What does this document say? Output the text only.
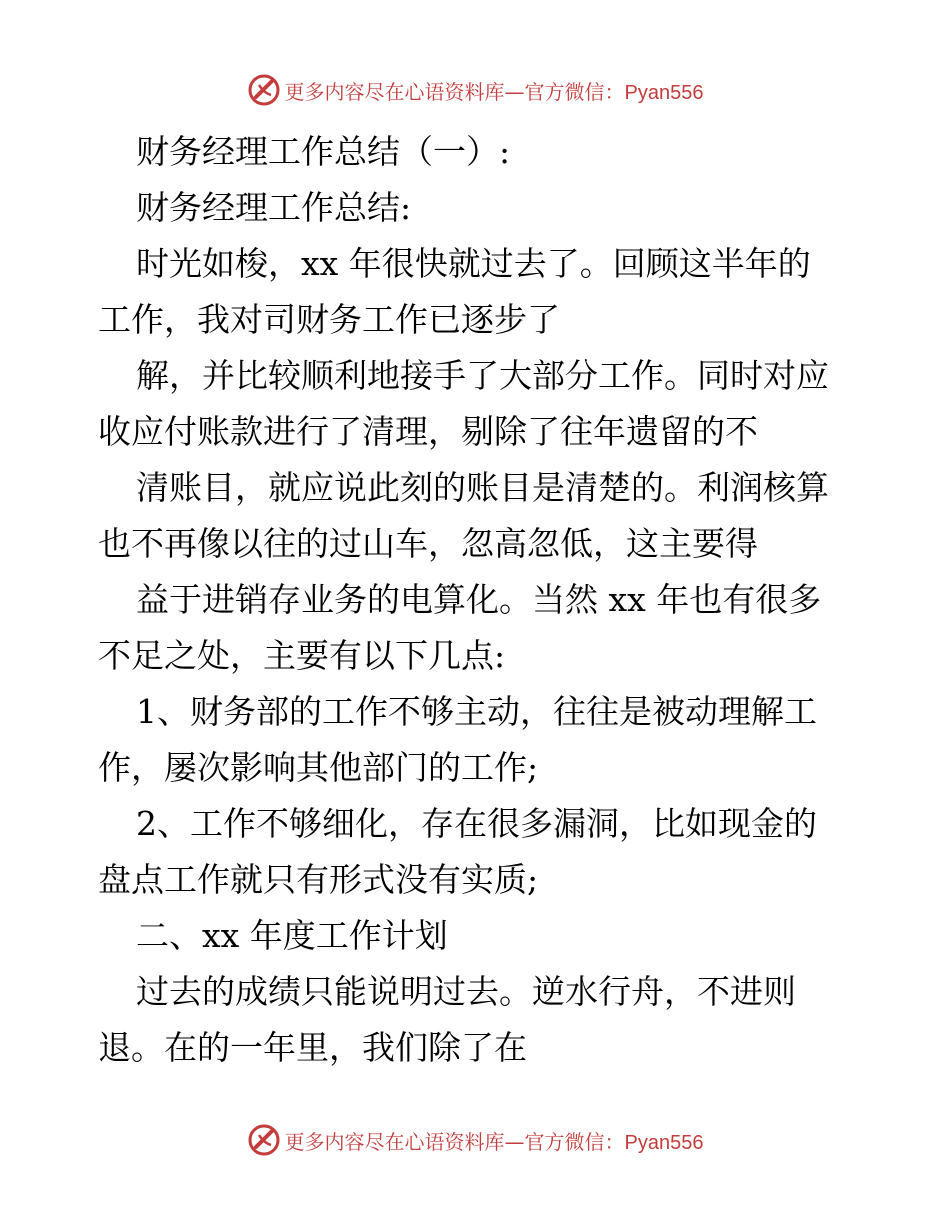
更多内容尽在心语资料库—官方微信：Pyan556
财务经理工作总结（一）:
财务经理工作总结:
时光如梭，xx 年很快就过去了。回顾这半年的
工作，我对司财务工作已逐步了
解，并比较顺利地接手了大部分工作。同时对应
收应付账款进行了清理，剔除了往年遗留的不
清账目，就应说此刻的账目是清楚的。利润核算
也不再像以往的过山车，忽高忽低，这主要得
益于进销存业务的电算化。当然 xx 年也有很多
不足之处，主要有以下几点:
1、财务部的工作不够主动，往往是被动理解工
作，屡次影响其他部门的工作;
2、工作不够细化，存在很多漏洞，比如现金的
盘点工作就只有形式没有实质;
二、xx 年度工作计划
过去的成绩只能说明过去。逆水行舟，不进则
退。在的一年里，我们除了在
更多内容尽在心语资料库—官方微信：Pyan556
